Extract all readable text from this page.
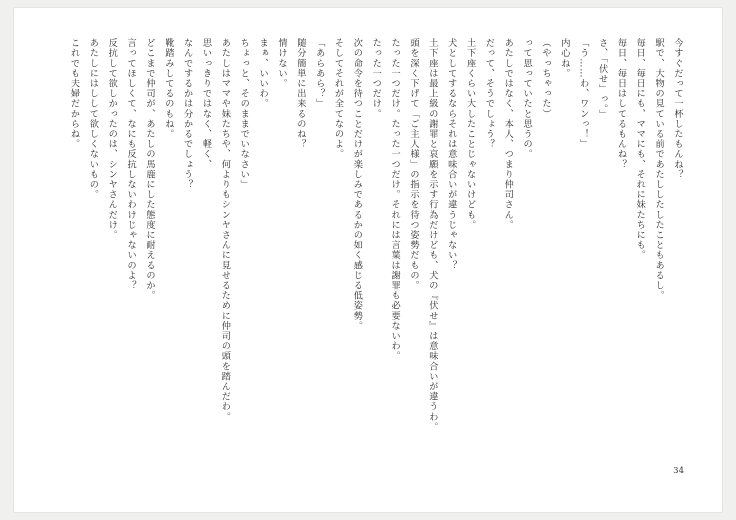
今すぐだって一杯したもんね？

駅で、大物の見ている前であたししたしたこともあるし。

毎日、毎日にも、ママにも、それに妹たちにも。

毎日、毎日はしてるもんね？

さ、「伏せ」っ。」

「う……わ、ワンっ！」

内心ね。

（やっちゃった）

って思っていたと思うの。

あたしではなく、本人、つまり仲司さん。

だって、そうでしょう？

土下座くらい大したことじゃないけども。

犬としてするならそれは意味合いが違うじゃない？

土下座は最上級の謝罪と哀願を示す行為だけども、犬の『伏せ』は意味合いが違うわ。

頭を深く下げて「ご主人様」の指示を待つ姿勢だもの。

たった一つだけ。たった一つだけ。それには言葉は謝罪も必要ないわ。

たった一つだけ。

次の命令を待つことだけが楽しみであるかの如く感じる低姿勢。

そしてそれが全てなのよ。

「あらあら？」

随分簡単に出来るのね？

情けない。

まぁ、いいわ。

ちょっと、そのままでいなさい」

あたしはママや妹たちや、何よりもシンヤさんに見せるために仲司の頭を踏んだわ。

思いっきりではなく、軽く、

なんでするかは分かるでしょう？

靴踏みしてるのもね。

どこまで仲司が、あたしの馬鹿にした態度に耐えるのか。

言ってほしくて、なにも反抗しないわけじゃないのよ？

反抗して欲しかったのは、シンヤさんだけ。

あたしにはしして欲しくないもの。

これでも夫婦だからね。

34
